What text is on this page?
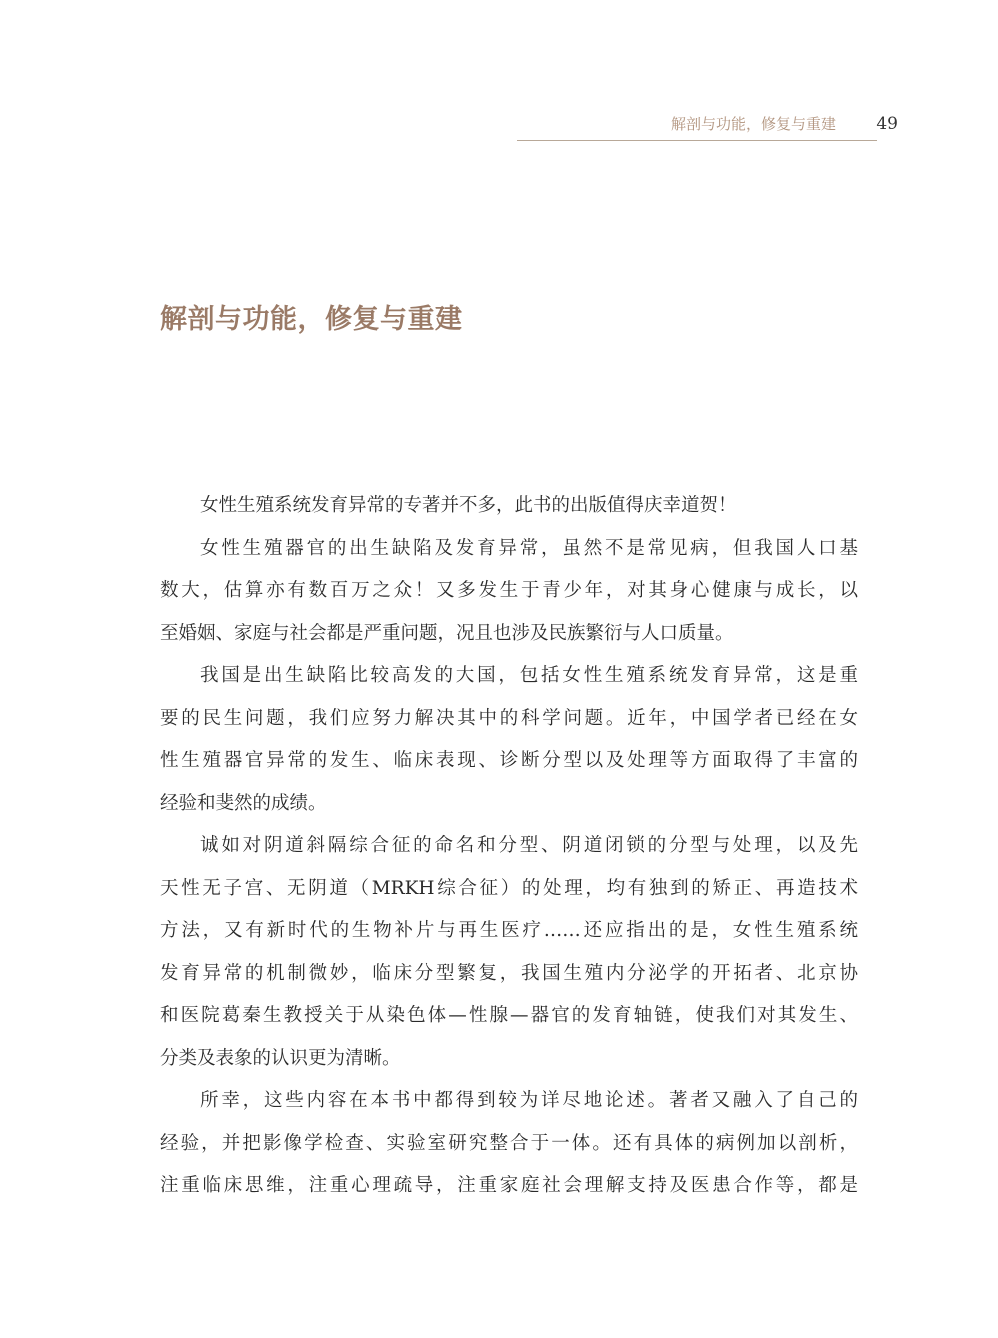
解剖与功能，修复与重建 49
解剖与功能，修复与重建

女性生殖系统发育异常的专著并不多，此书的出版值得庆幸道贺！

女性生殖器官的出生缺陷及发育异常，虽然不是常见病，但我国人口基
数大，估算亦有数百万之众！又多发生于青少年，对其身心健康与成长，以
至婚姻、家庭与社会都是严重问题，况且也涉及民族繁衍与人口质量。

我国是出生缺陷比较高发的大国，包括女性生殖系统发育异常，这是重
要的民生问题，我们应努力解决其中的科学问题。近年，中国学者已经在女
性生殖器官异常的发生、临床表现、诊断分型以及处理等方面取得了丰富的
经验和斐然的成绩。

诚如对阴道斜隔综合征的命名和分型、阴道闭锁的分型与处理，以及先
天性无子宫、无阴道（MRKH综合征）的处理，均有独到的矫正、再造技术
方法，又有新时代的生物补片与再生医疗……还应指出的是，女性生殖系统
发育异常的机制微妙，临床分型繁复，我国生殖内分泌学的开拓者、北京协
和医院葛秦生教授关于从染色体—性腺—器官的发育轴链，使我们对其发生、
分类及表象的认识更为清晰。

所幸，这些内容在本书中都得到较为详尽地论述。著者又融入了自己的
经验，并把影像学检查、实验室研究整合于一体。还有具体的病例加以剖析，
注重临床思维，注重心理疏导，注重家庭社会理解支持及医患合作等，都是
